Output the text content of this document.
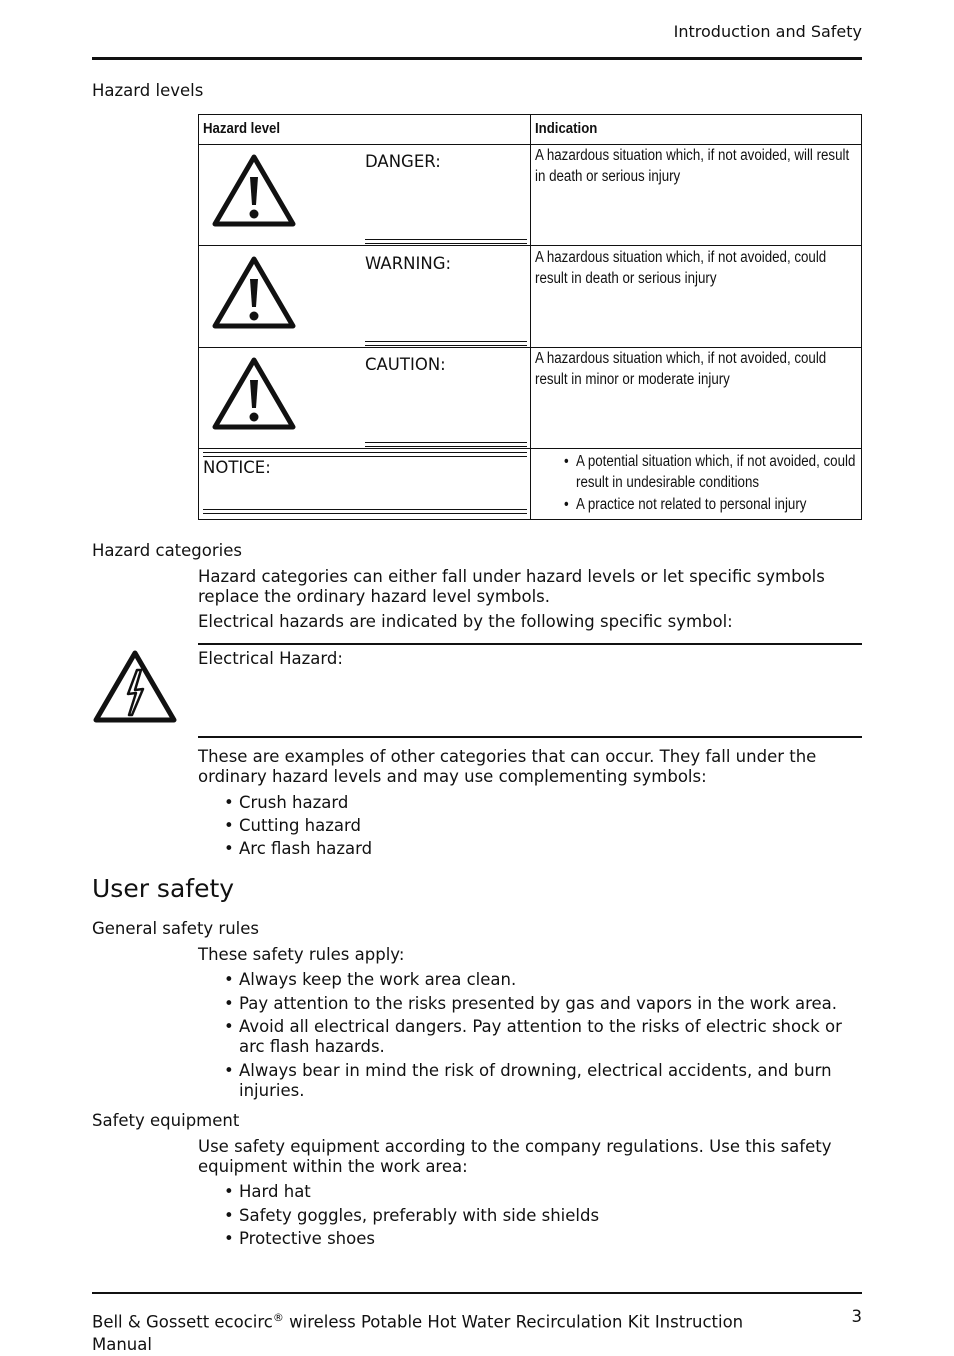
Introduction and Safety
Hazard levels
Hazard level	Indication
DANGER:	A hazardous situation which, if not avoided, will result in death or serious injury
WARNING:	A hazardous situation which, if not avoided, could result in death or serious injury
CAUTION:	A hazardous situation which, if not avoided, could result in minor or moderate injury
NOTICE:
•	A potential situation which, if not avoided, could result in undesirable conditions
• A practice not related to personal injury
Hazard categories
Hazard categories can either fall under hazard levels or let specific symbols replace the ordinary hazard level symbols.
Electrical hazards are indicated by the following specific symbol:
Electrical Hazard:
These are examples of other categories that can occur. They fall under the ordinary hazard levels and may use complementing symbols:
• Crush hazard
• Cutting hazard
• Arc flash hazard
User safety
General safety rules
These safety rules apply:
• Always keep the work area clean.
• Pay attention to the risks presented by gas and vapors in the work area.
• Avoid all electrical dangers. Pay attention to the risks of electric shock or arc flash hazards.
• Always bear in mind the risk of drowning, electrical accidents, and burn injuries.
Safety equipment
Use safety equipment according to the company regulations. Use this safety equipment within the work area:
• Hard hat
• Safety goggles, preferably with side shields
• Protective shoes
Bell & Gossett ecocirc® wireless Potable Hot Water Recirculation Kit Instruction Manual
3
